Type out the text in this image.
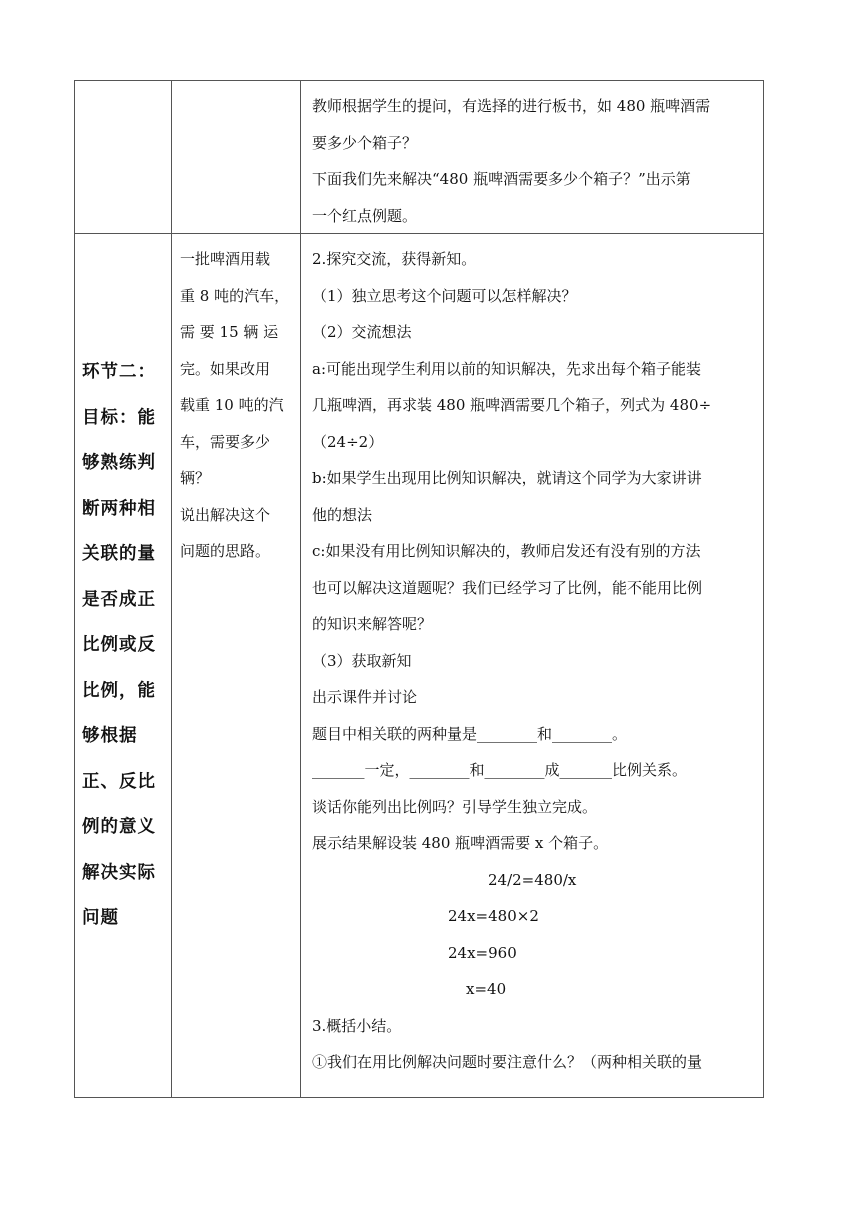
教师根据学生的提问，有选择的进行板书，如 480 瓶啤酒需
要多少个箱子？
下面我们先来解决“480 瓶啤酒需要多少个箱子？”出示第
一个红点例题。
环节二：
目标：能
够熟练判
断两种相
关联的量
是否成正
比例或反
比例，能
够根据
正、反比
例的意义
解决实际
问题
一批啤酒用载
重 8 吨的汽车，
需 要 15 辆 运
完。如果改用
载重 10 吨的汽
车，需要多少
辆？
说出解决这个
问题的思路。
2.探究交流，获得新知。
（1）独立思考这个问题可以怎样解决？
（2）交流想法
a:可能出现学生利用以前的知识解决，先求出每个箱子能装
几瓶啤酒，再求装 480 瓶啤酒需要几个箱子，列式为 480÷
（24÷2）
b:如果学生出现用比例知识解决，就请这个同学为大家讲讲
他的想法
c:如果没有用比例知识解决的，教师启发还有没有别的方法
也可以解决这道题呢？我们已经学习了比例，能不能用比例
的知识来解答呢？
（3）获取新知
出示课件并讨论
题目中相关联的两种量是________和________。
_______一定，________和________成_______比例关系。
谈话你能列出比例吗？引导学生独立完成。
展示结果解设装 480 瓶啤酒需要 x 个箱子。
24/2=480/x
24x=480×2
24x=960
x=40
3.概括小结。
①我们在用比例解决问题时要注意什么？（两种相关联的量
